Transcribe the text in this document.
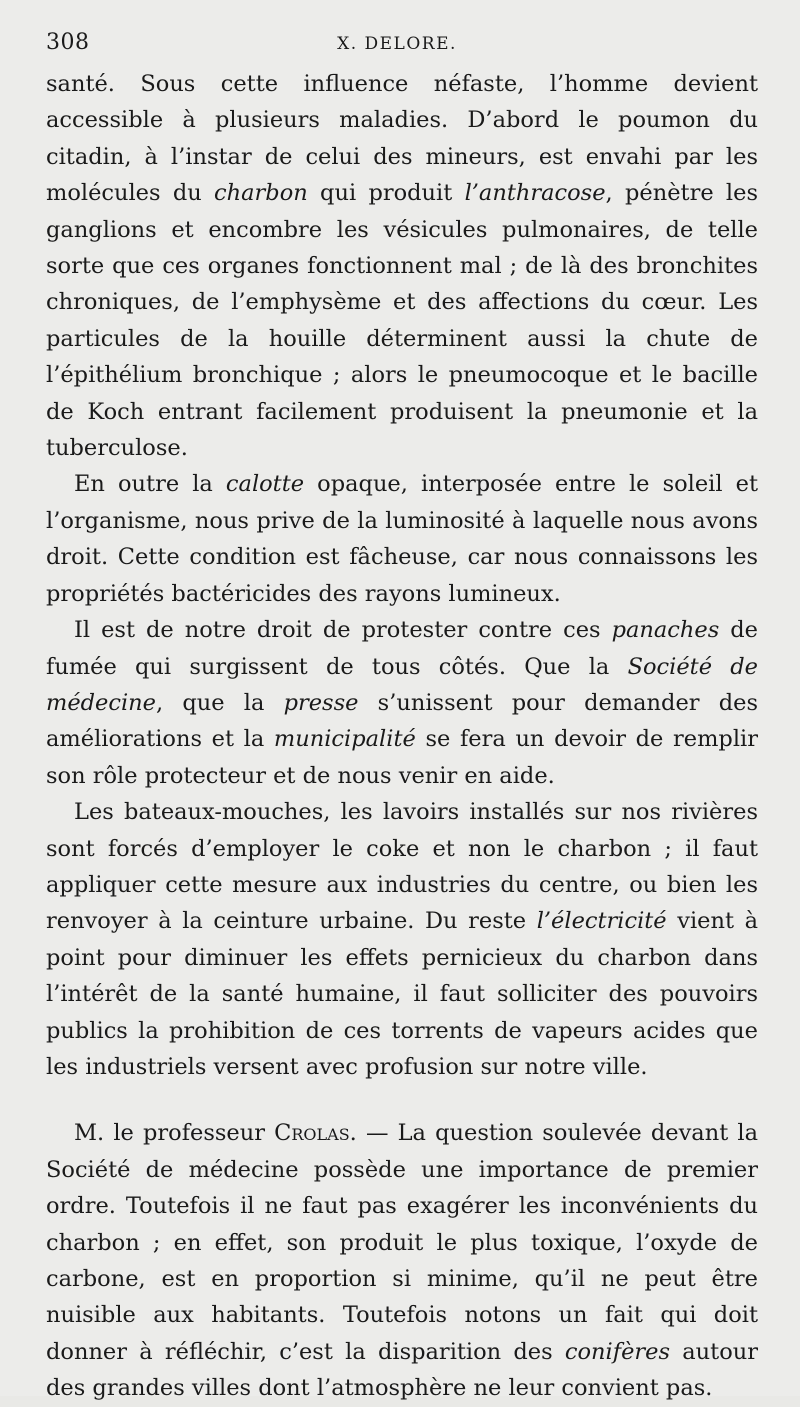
308	X. DELORE.

santé. Sous cette influence néfaste, l’homme devient accessible à plusieurs maladies. D’abord le poumon du citadin, à l’instar de celui des mineurs, est envahi par les molécules du charbon qui produit l’anthracose, pénètre les ganglions et encombre les vésicules pulmonaires, de telle sorte que ces organes fonctionnent mal ; de là des bronchites chroniques, de l’emphysème et des affections du cœur. Les particules de la houille déterminent aussi la chute de l’épithélium bronchique ; alors le pneumocoque et le bacille de Koch entrant facilement produisent la pneumonie et la tuberculose.

En outre la calotte opaque, interposée entre le soleil et l’organisme, nous prive de la luminosité à laquelle nous avons droit. Cette condition est fâcheuse, car nous connaissons les propriétés bactéricides des rayons lumineux.

Il est de notre droit de protester contre ces panaches de fumée qui surgissent de tous côtés. Que la Société de médecine, que la presse s’unissent pour demander des améliorations et la municipalité se fera un devoir de remplir son rôle protecteur et de nous venir en aide.

Les bateaux-mouches, les lavoirs installés sur nos rivières sont forcés d’employer le coke et non le charbon ; il faut appliquer cette mesure aux industries du centre, ou bien les renvoyer à la ceinture urbaine. Du reste l’électricité vient à point pour diminuer les effets pernicieux du charbon dans l’intérêt de la santé humaine, il faut solliciter des pouvoirs publics la prohibition de ces torrents de vapeurs acides que les industriels versent avec profusion sur notre ville.

M. le professeur Crolas. — La question soulevée devant la Société de médecine possède une importance de premier ordre. Toutefois il ne faut pas exagérer les inconvénients du charbon ; en effet, son produit le plus toxique, l’oxyde de carbone, est en proportion si minime, qu’il ne peut être nuisible aux habitants. Toutefois notons un fait qui doit donner à réfléchir, c’est la disparition des conifères autour des grandes villes dont l’atmosphère ne leur convient pas.
